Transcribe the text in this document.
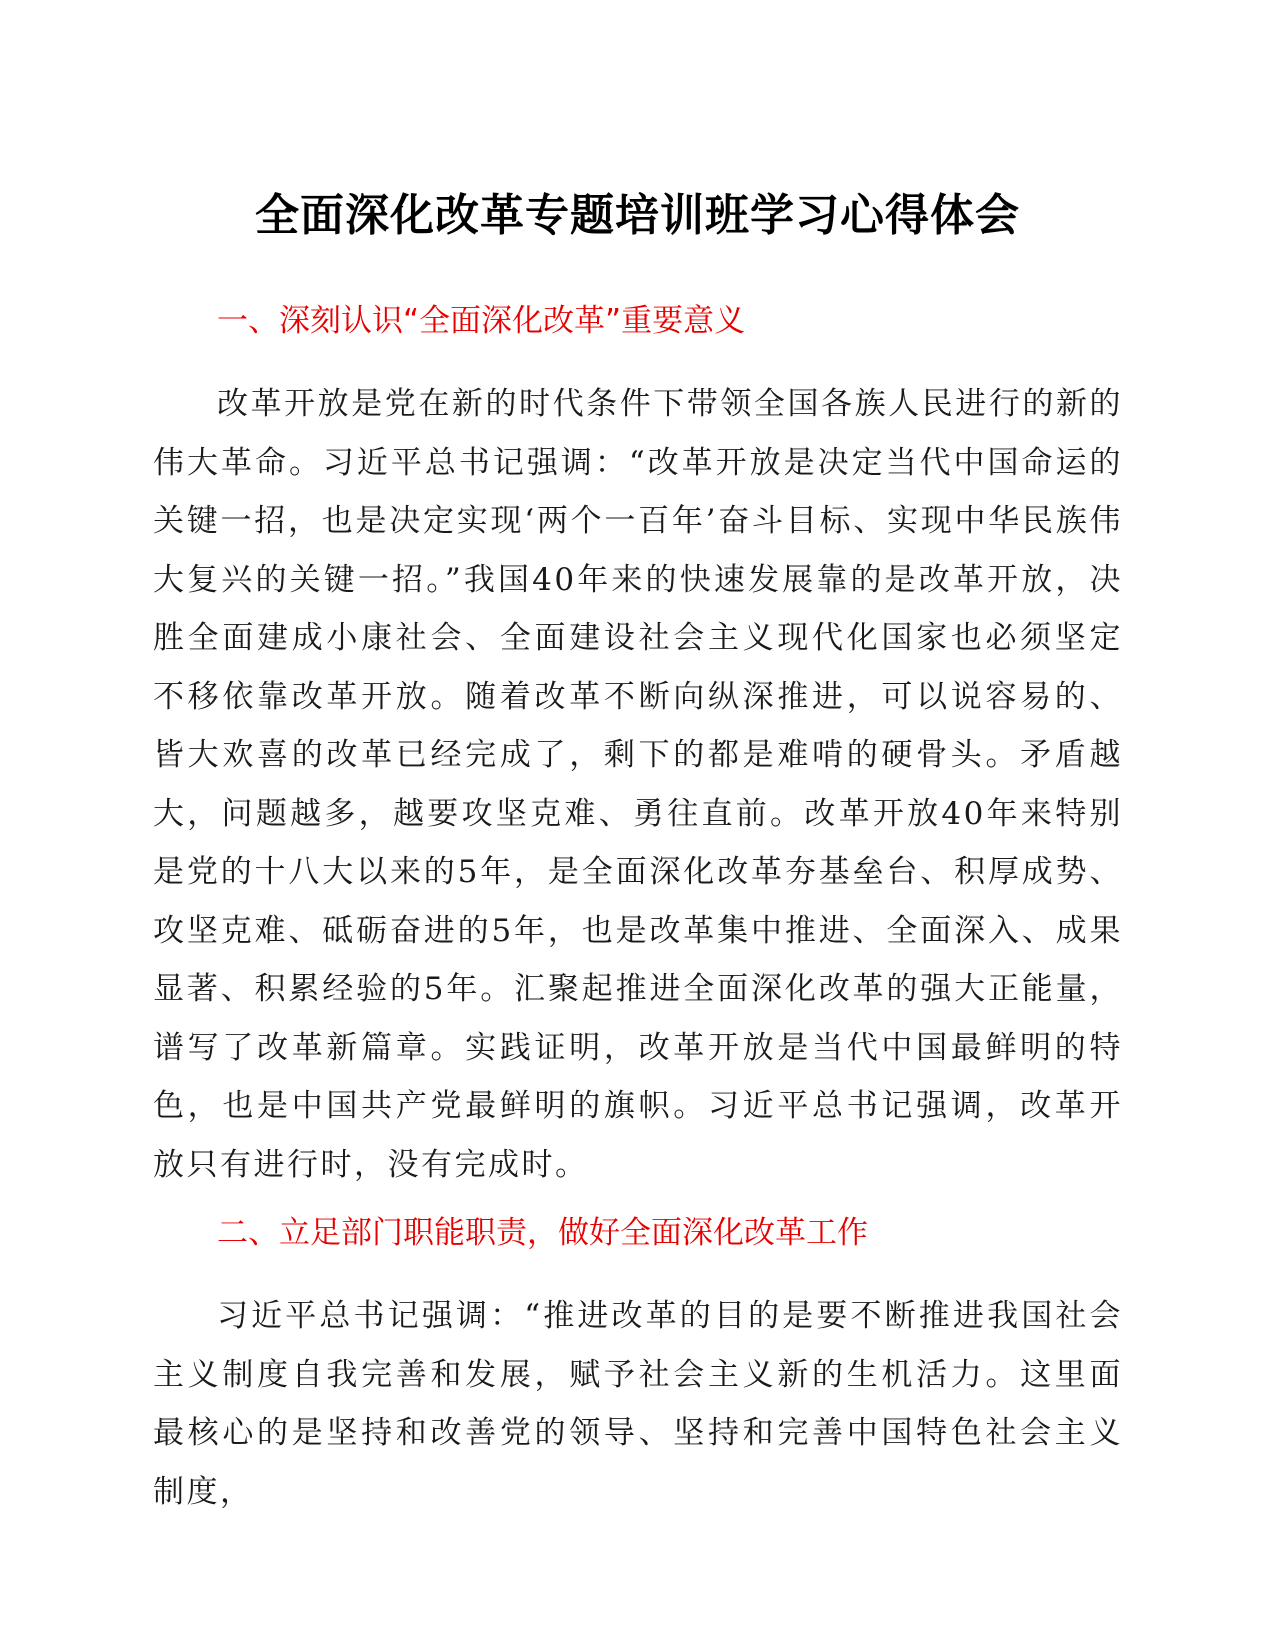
全面深化改革专题培训班学习心得体会
一、深刻认识“全面深化改革”重要意义

改革开放是党在新的时代条件下带领全国各族人民进行的新的伟大革命。习近平总书记强调：“改革开放是决定当代中国命运的关键一招，也是决定实现‘两个一百年’奋斗目标、实现中华民族伟大复兴的关键一招。”我国40年来的快速发展靠的是改革开放，决胜全面建成小康社会、全面建设社会主义现代化国家也必须坚定不移依靠改革开放。随着改革不断向纵深推进，可以说容易的、皆大欢喜的改革已经完成了，剩下的都是难啃的硬骨头。矛盾越大，问题越多，越要攻坚克难、勇往直前。改革开放40年来特别是党的十八大以来的5年，是全面深化改革夯基垒台、积厚成势、攻坚克难、砥砺奋进的5年，也是改革集中推进、全面深入、成果显著、积累经验的5年。汇聚起推进全面深化改革的强大正能量，谱写了改革新篇章。实践证明，改革开放是当代中国最鲜明的特色，也是中国共产党最鲜明的旗帜。习近平总书记强调，改革开放只有进行时，没有完成时。

二、立足部门职能职责，做好全面深化改革工作

习近平总书记强调：“推进改革的目的是要不断推进我国社会主义制度自我完善和发展，赋予社会主义新的生机活力。这里面最核心的是坚持和改善党的领导、坚持和完善中国特色社会主义制度，
